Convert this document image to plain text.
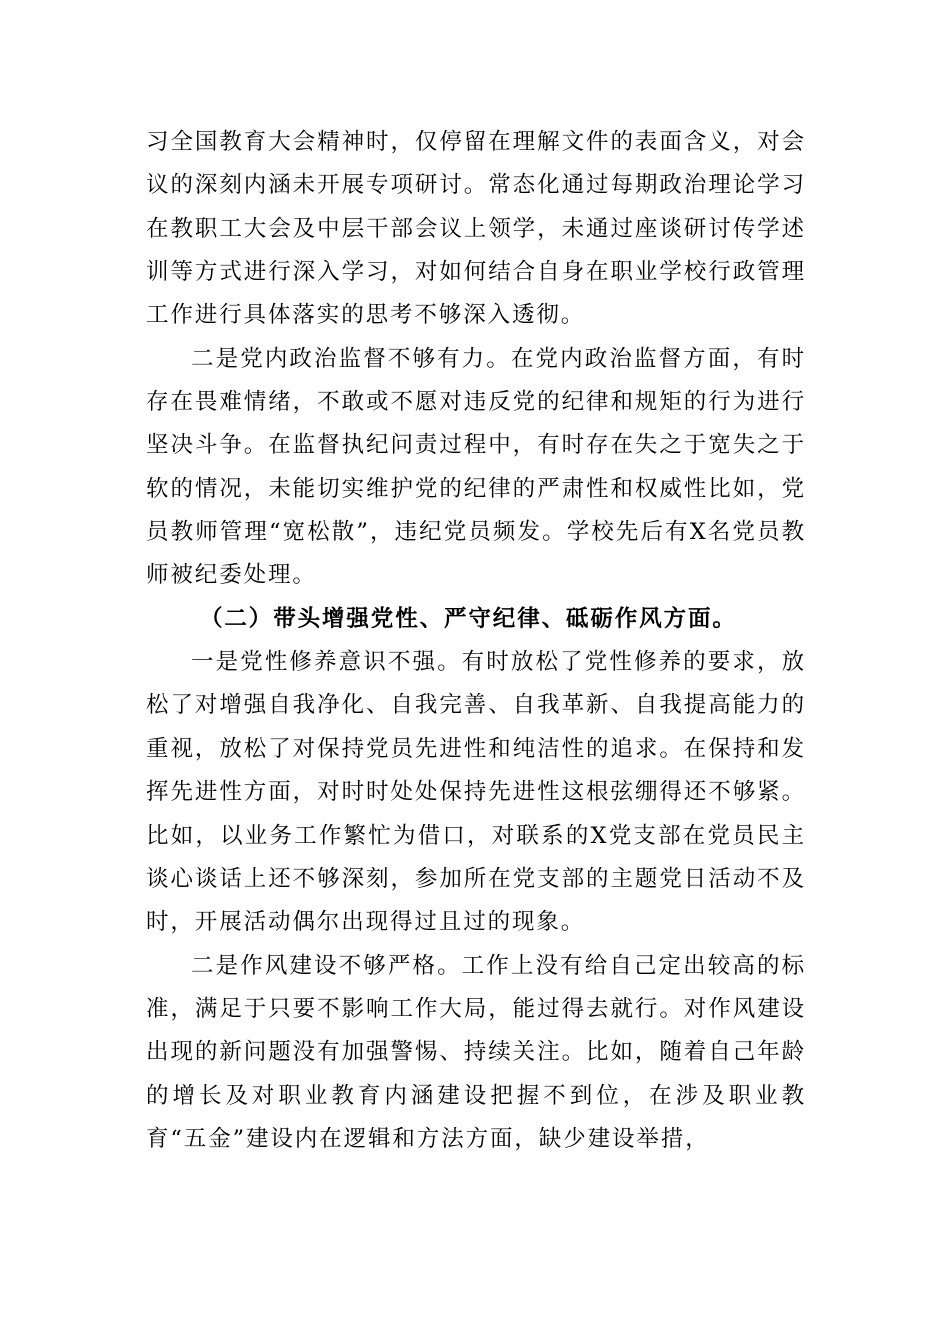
习全国教育大会精神时，仅停留在理解文件的表面含义，对会议的深刻内涵未开展专项研讨。常态化通过每期政治理论学习在教职工大会及中层干部会议上领学，未通过座谈研讨传学述训等方式进行深入学习，对如何结合自身在职业学校行政管理工作进行具体落实的思考不够深入透彻。

二是党内政治监督不够有力。在党内政治监督方面，有时存在畏难情绪，不敢或不愿对违反党的纪律和规矩的行为进行坚决斗争。在监督执纪问责过程中，有时存在失之于宽失之于软的情况，未能切实维护党的纪律的严肃性和权威性比如，党员教师管理“宽松散”，违纪党员频发。学校先后有X名党员教师被纪委处理。

（二）带头增强党性、严守纪律、砥砺作风方面。

一是党性修养意识不强。有时放松了党性修养的要求，放松了对增强自我净化、自我完善、自我革新、自我提高能力的重视，放松了对保持党员先进性和纯洁性的追求。在保持和发挥先进性方面，对时时处处保持先进性这根弦绷得还不够紧。比如，以业务工作繁忙为借口，对联系的X党支部在党员民主谈心谈话上还不够深刻，参加所在党支部的主题党日活动不及时，开展活动偶尔出现得过且过的现象。

二是作风建设不够严格。工作上没有给自己定出较高的标准，满足于只要不影响工作大局，能过得去就行。对作风建设出现的新问题没有加强警惕、持续关注。比如，随着自己年龄的增长及对职业教育内涵建设把握不到位，在涉及职业教育“五金”建设内在逻辑和方法方面，缺少建设举措，
